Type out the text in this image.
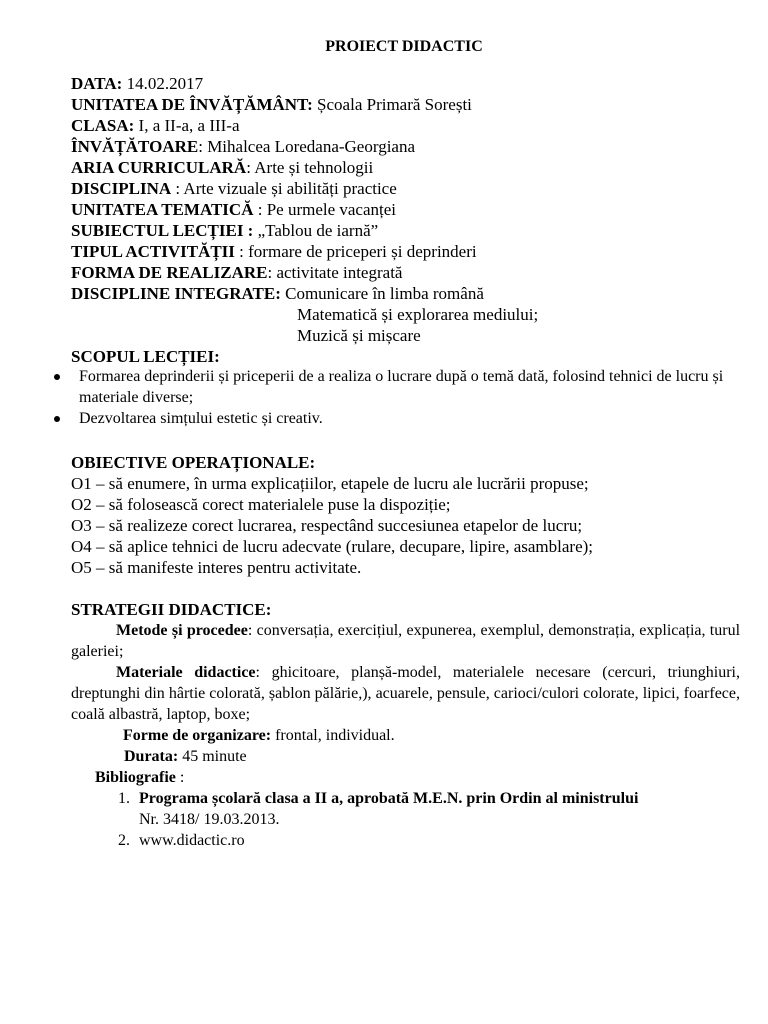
PROIECT DIDACTIC
DATA: 14.02.2017
UNITATEA DE ÎNVĂȚĂMÂNT: Școala Primară Sorești
CLASA: I, a II-a, a III-a
ÎNVĂȚĂTOARE: Mihalcea Loredana-Georgiana
ARIA CURRICULARĂ: Arte și tehnologii
DISCIPLINA : Arte vizuale și abilități practice
UNITATEA TEMATICĂ : Pe urmele vacanței
SUBIECTUL LECȚIEI : „Tablou de iarnă”
TIPUL ACTIVITĂȚII : formare de priceperi și deprinderi
FORMA DE REALIZARE: activitate integrată
DISCIPLINE INTEGRATE: Comunicare în limba română
Matematică și explorarea mediului;
Muzică și mișcare
SCOPUL LECȚIEI:
Formarea deprinderii și priceperii de a realiza o lucrare după o temă dată, folosind tehnici de lucru și materiale diverse;
Dezvoltarea simțului estetic și creativ.
OBIECTIVE OPERAȚIONALE:
O1 – să enumere, în urma explicațiilor, etapele de lucru ale lucrării propuse;
O2 – să folosească corect materialele puse la dispoziție;
O3 – să realizeze corect lucrarea, respectând succesiunea etapelor de lucru;
O4 – să aplice tehnici de lucru adecvate (rulare, decupare, lipire, asamblare);
O5 – să manifeste interes pentru activitate.
STRATEGII DIDACTICE:
Metode și procedee: conversația, exercițiul, expunerea, exemplul, demonstrația, explicația, turul galeriei;
Materiale didactice: ghicitoare, planșă-model, materialele necesare (cercuri, triunghiuri, dreptunghi din hârtie colorată, șablon pălărie,), acuarele, pensule, carioci/culori colorate, lipici, foarfece, coală albastră, laptop, boxe;
Forme de organizare: frontal, individual.
Durata: 45 minute
Bibliografie :
1. Programa școlară clasa a II a, aprobată M.E.N. prin Ordin al ministrului
Nr. 3418/ 19.03.2013.
2. www.didactic.ro
